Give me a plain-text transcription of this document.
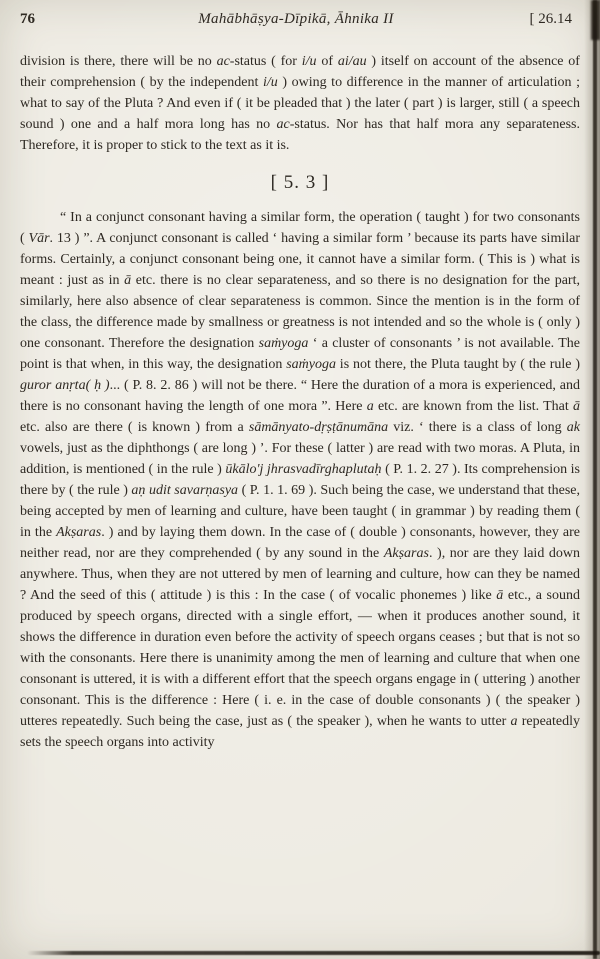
76	Mahābhāṣya-Dīpikā, Āhnika II	[ 26.14

division is there, there will be no ac-status ( for i/u of ai/au ) itself on account of the absence of their comprehension ( by the independent i/u ) owing to difference in the manner of articulation ; what to say of the Pluta ? And even if ( it be pleaded that ) the later ( part ) is larger, still ( a speech sound ) one and a half mora long has no ac-status. Nor has that half mora any separateness. Therefore, it is proper to stick to the text as it is.

[ 5. 3 ]

“ In a conjunct consonant having a similar form, the operation ( taught ) for two consonants ( Vār. 13 ) ”. A conjunct consonant is called ‘ having a similar form ’ because its parts have similar forms. Certainly, a conjunct consonant being one, it cannot have a similar form. ( This is ) what is meant : just as in ā etc. there is no clear separateness, and so there is no designation for the part, similarly, here also absence of clear separateness is common. Since the mention is in the form of the class, the difference made by smallness or greatness is not intended and so the whole is ( only ) one consonant. Therefore the designation saṁyoga ‘ a cluster of consonants ’ is not available. The point is that when, in this way, the designation saṁyoga is not there, the Pluta taught by ( the rule ) guror anṛta( ḥ )... ( P. 8. 2. 86 ) will not be there. “ Here the duration of a mora is experienced, and there is no consonant having the length of one mora ”. Here a etc. are known from the list. That ā etc. also are there ( is known ) from a sāmānyato-dṛṣṭānumāna viz. ‘ there is a class of long ak vowels, just as the diphthongs ( are long ) ’. For these ( latter ) are read with two moras. A Pluta, in addition, is mentioned ( in the rule ) ūkālo'j jhrasvadīrghaplutaḥ ( P. 1. 2. 27 ). Its comprehension is there by ( the rule ) aṇ udit savarṇasya ( P. 1. 1. 69 ). Such being the case, we understand that these, being accepted by men of learning and culture, have been taught ( in grammar ) by reading them ( in the Akṣaras. ) and by laying them down. In the case of ( double ) consonants, however, they are neither read, nor are they comprehended ( by any sound in the Akṣaras. ), nor are they laid down anywhere. Thus, when they are not uttered by men of learning and culture, how can they be named ? And the seed of this ( attitude ) is this : In the case ( of vocalic phonemes ) like ā etc., a sound produced by speech organs, directed with a single effort, — when it produces another sound, it shows the difference in duration even before the activity of speech organs ceases ; but that is not so with the consonants. Here there is unanimity among the men of learning and culture that when one consonant is uttered, it is with a different effort that the speech organs engage in ( uttering ) another consonant. This is the difference : Here ( i. e. in the case of double consonants ) ( the speaker ) utteres repeatedly. Such being the case, just as ( the speaker ), when he wants to utter a repeatedly sets the speech organs into activity
